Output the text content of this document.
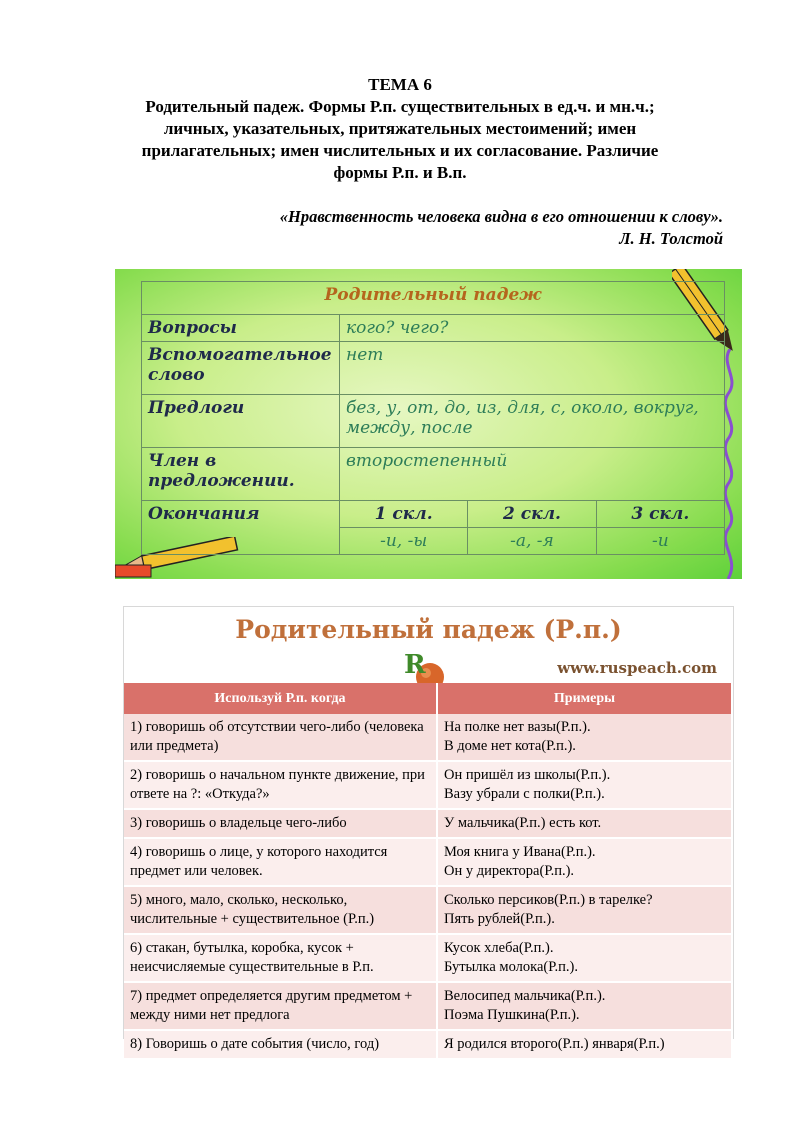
ТЕМА 6
Родительный падеж. Формы Р.п. существительных в ед.ч. и мн.ч.;
личных, указательных, притяжательных местоимений; имен
прилагательных; имен числительных и их согласование. Различие
формы Р.п. и В.п.
«Нравственность человека видна в его отношении к слову».
Л. Н. Толстой
Родительный падеж			
Вопросы	кого? чего?		
Вспомогательное слово	нет		
Предлоги	без, у, от, до, из, для, с, около, вокруг, между, после		
Член в предложении.	второстепенный		
Окончания	1 скл.	2 скл.	3 скл.
	-и, -ы	-а, -я	-и
Родительный падеж (Р.п.)
R	www.ruspeach.com
Используй Р.п. когда	Примеры
1) говоришь об отсутствии чего-либо (человека или предмета)	На полке нет вазы(Р.п.).
В доме нет кота(Р.п.).

2) говоришь о начальном пункте движение, при ответе на ?: «Откуда?»	Он пришёл из школы(Р.п.).
Вазу убрали с полки(Р.п.).

3) говоришь о владельце чего-либо	У мальчика(Р.п.) есть кот.

4) говоришь о лице, у которого находится предмет или человек.	Моя книга у Ивана(Р.п.).
Он у директора(Р.п.).

5) много, мало, сколько, несколько, числительные + существительное (Р.п.)	Сколько персиков(Р.п.) в тарелке?
Пять рублей(Р.п.).

6) стакан, бутылка, коробка, кусок + неисчисляемые существительные в Р.п.	Кусок хлеба(Р.п.).
Бутылка молока(Р.п.).

7) предмет определяется другим предметом + между ними нет предлога	Велосипед мальчика(Р.п.).
Поэма Пушкина(Р.п.).

8) Говоришь о дате события (число, год)	Я родился второго(Р.п.) января(Р.п.)
